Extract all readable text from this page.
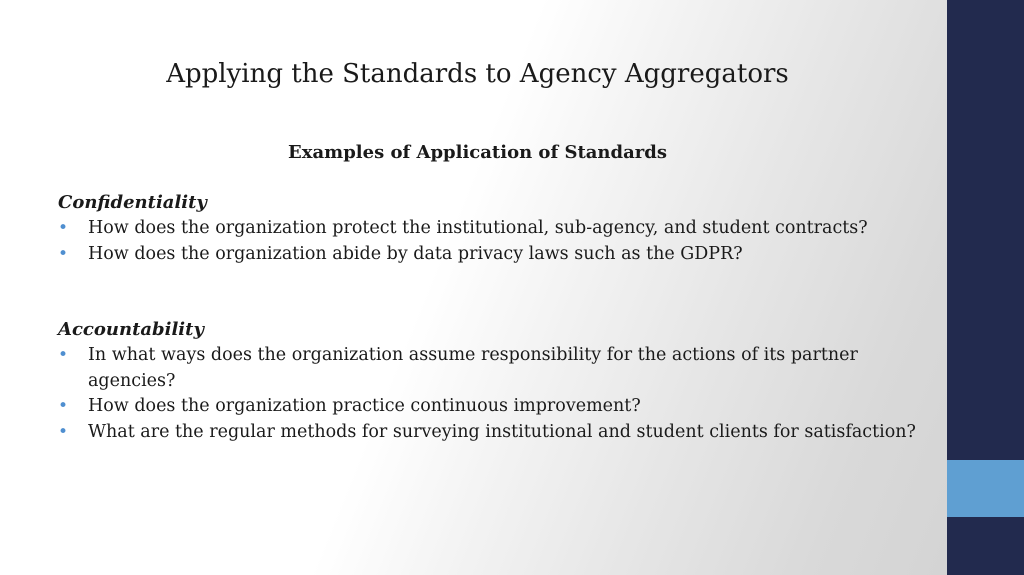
Applying the Standards to Agency Aggregators
Examples of Application of Standards

Confidentiality

• How does the organization protect the institutional, sub-agency, and student contracts?
• How does the organization abide by data privacy laws such as the GDPR?

Accountability

• In what ways does the organization assume responsibility for the actions of its partner agencies?
• How does the organization practice continuous improvement?
• What are the regular methods for surveying institutional and student clients for satisfaction?
